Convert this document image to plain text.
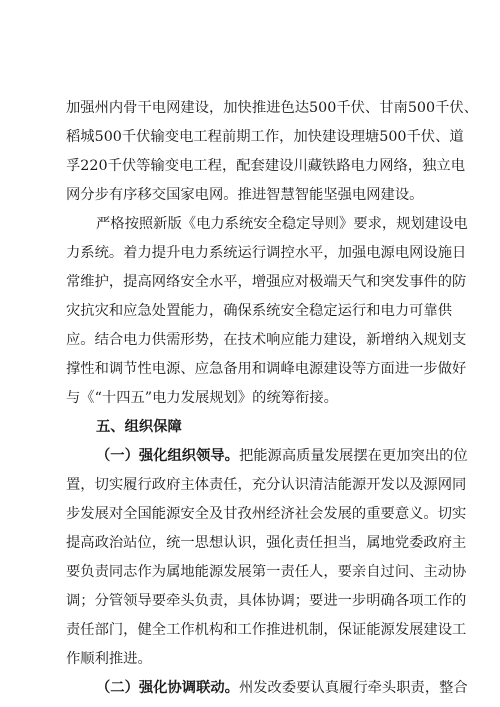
加强州内骨干电网建设，加快推进色达500千伏、甘南500千伏、
稻城500千伏输变电工程前期工作，加快建设理塘500千伏、道
孚220千伏等输变电工程，配套建设川藏铁路电力网络，独立电
网分步有序移交国家电网。推进智慧智能坚强电网建设。
严格按照新版《电力系统安全稳定导则》要求，规划建设电
力系统。着力提升电力系统运行调控水平，加强电源电网设施日
常维护，提高网络安全水平，增强应对极端天气和突发事件的防
灾抗灾和应急处置能力，确保系统安全稳定运行和电力可靠供
应。结合电力供需形势，在技术响应能力建设，新增纳入规划支
撑性和调节性电源、应急备用和调峰电源建设等方面进一步做好
与《“十四五”电力发展规划》的统筹衔接。
五、组织保障
（一）强化组织领导。把能源高质量发展摆在更加突出的位
置，切实履行政府主体责任，充分认识清洁能源开发以及源网同
步发展对全国能源安全及甘孜州经济社会发展的重要意义。切实
提高政治站位，统一思想认识，强化责任担当，属地党委政府主
要负责同志作为属地能源发展第一责任人，要亲自过问、主动协
调；分管领导要牵头负责，具体协调；要进一步明确各项工作的
责任部门，健全工作机构和工作推进机制，保证能源发展建设工
作顺利推进。
（二）强化协调联动。州发改委要认真履行牵头职责，整合
